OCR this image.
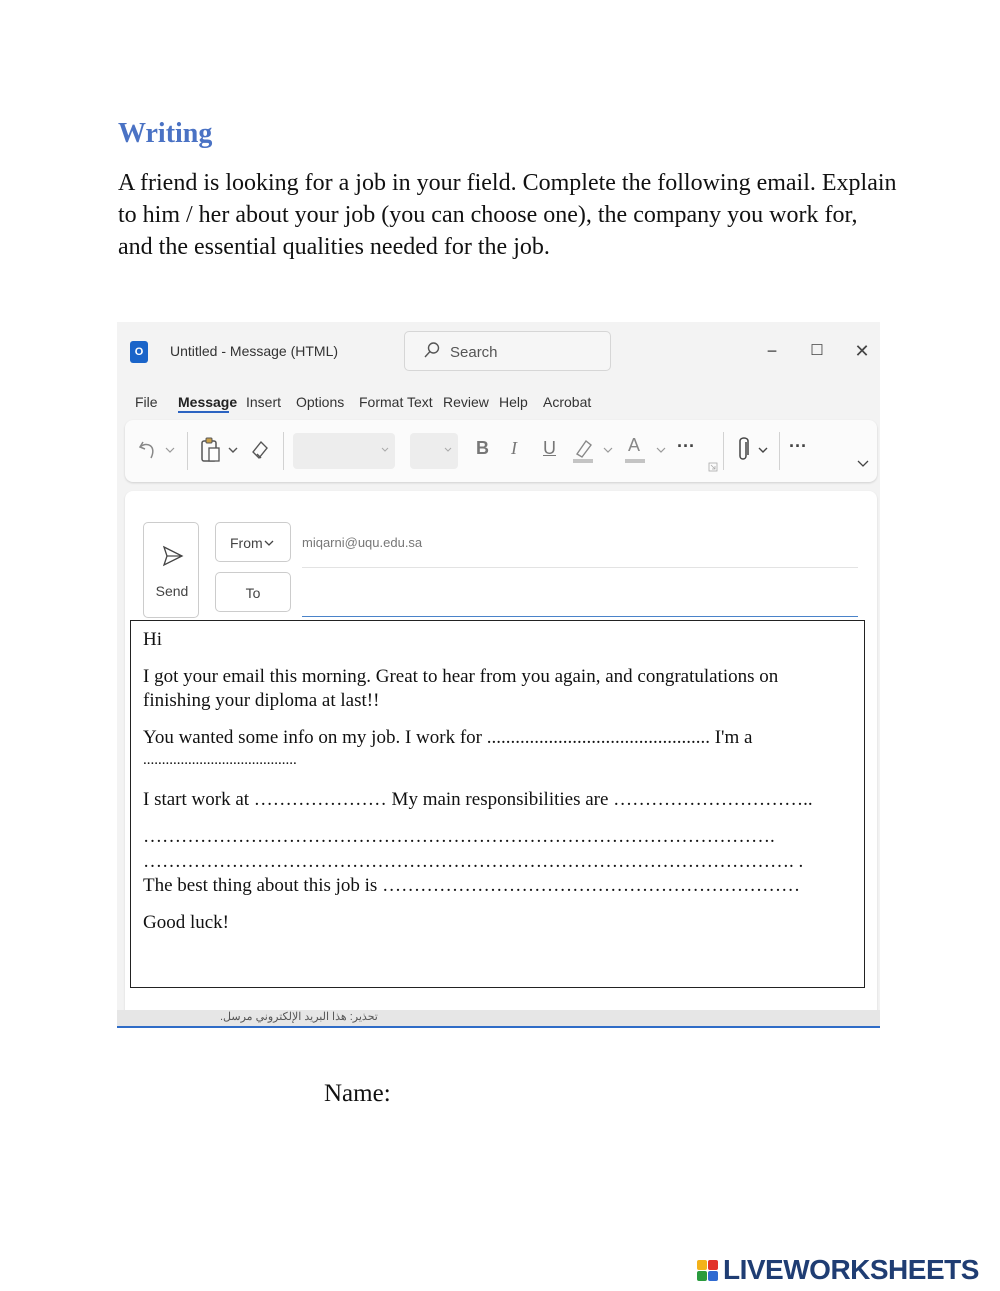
Writing
A friend is looking for a job in your field. Complete the following email. Explain to him / her about your job (you can choose one), the company you work for, and the essential qualities needed for the job.
O	Untitled - Message (HTML)	Search	−	☐	✕
File Message Insert Options Format Text Review Help Acrobat
B I U	A ···	···
Send
From	miqarni@uqu.edu.sa
To
تحذير: هذا البريد الإلكتروني مرسل.
Hi
I got your email this morning. Great to hear from you again, and congratulations on
finishing your diploma at last!!
You wanted some info on my job. I work for ............................................... I'm a
.........................................
I start work at ………………… My main responsibilities are …………………………..
……………………………………………………………………………………….
…………………………………………………………………………………………. .
The best thing about this job is …………………………………………………………
Good luck!
Name:
LIVEWORKSHEETS
